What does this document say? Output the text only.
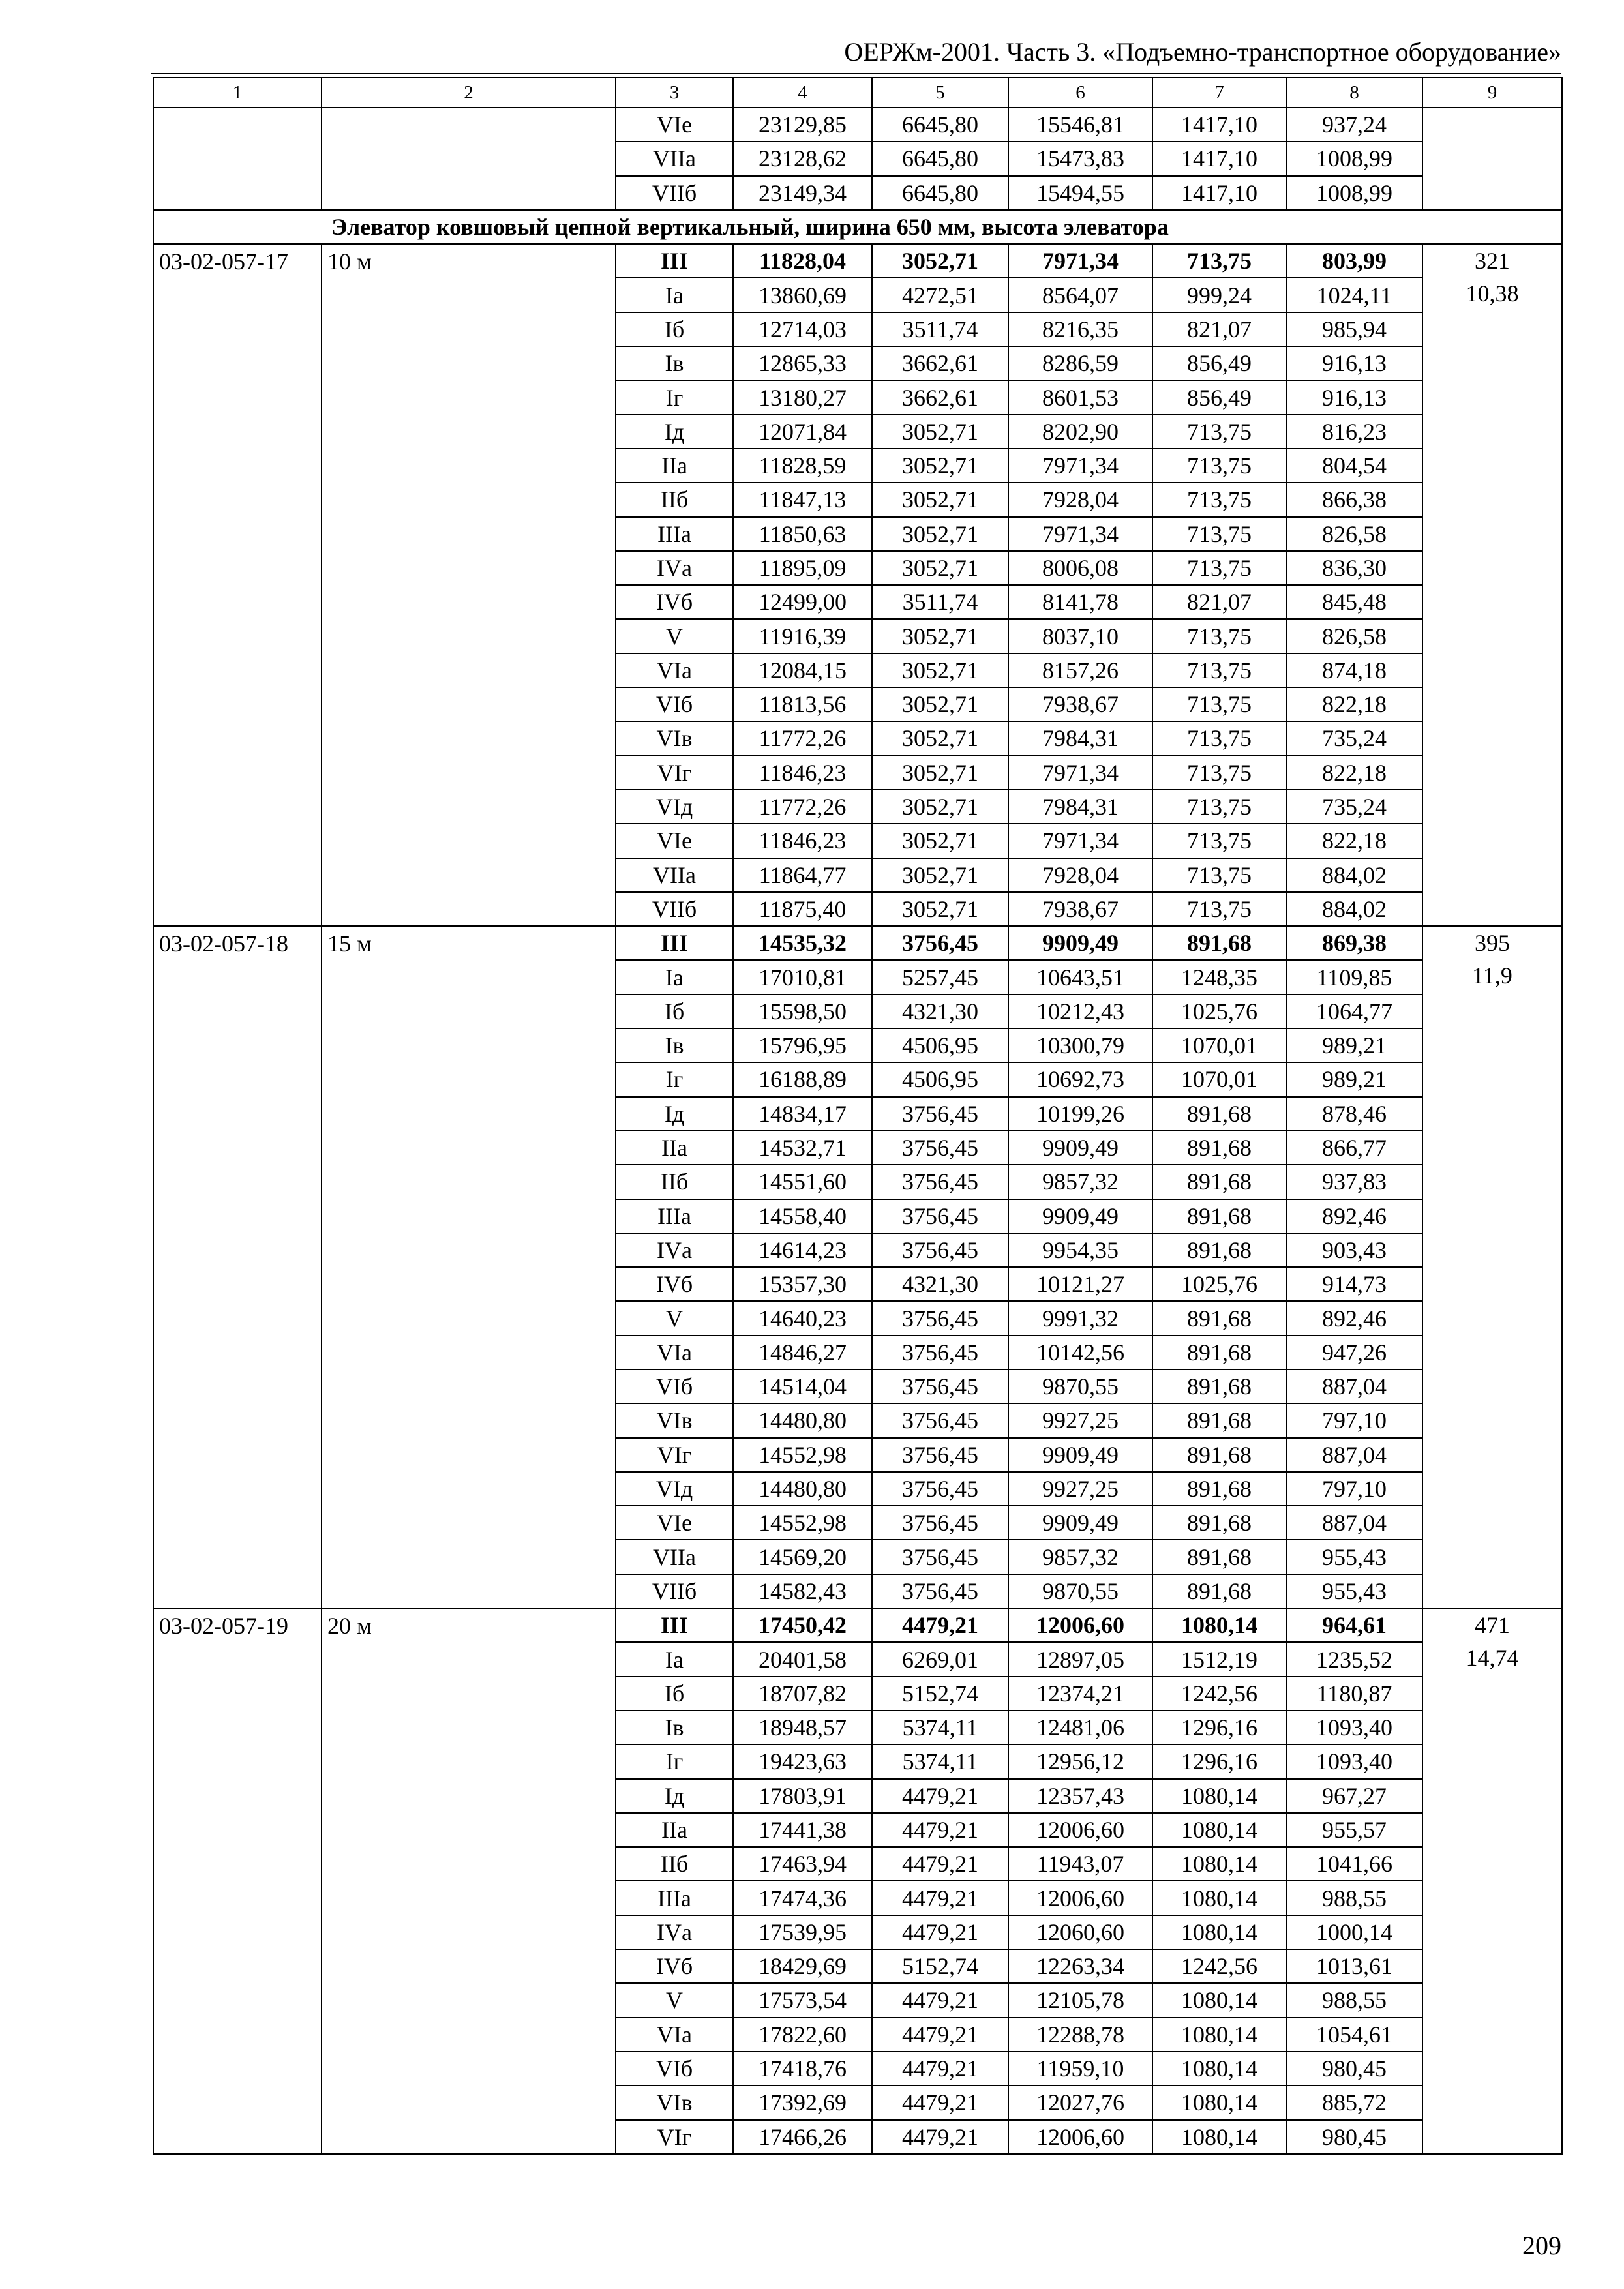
ОЕРЖм-2001. Часть 3. «Подъемно-транспортное оборудование»
1	2	3	4	5	6	7	8	9
		VIе	23129,85	6645,80	15546,81	1417,10	937,24	
		VIIа	23128,62	6645,80	15473,83	1417,10	1008,99	
		VIIб	23149,34	6645,80	15494,55	1417,10	1008,99	
Элеватор ковшовый цепной вертикальный, ширина 650 мм, высота элеватора								
03-02-057-17	10 м	III	11828,04	3052,71	7971,34	713,75	803,99	321
10,38

		Iа	13860,69	4272,51	8564,07	999,24	1024,11	
		Iб	12714,03	3511,74	8216,35	821,07	985,94	
		Iв	12865,33	3662,61	8286,59	856,49	916,13	
		Iг	13180,27	3662,61	8601,53	856,49	916,13	
		Iд	12071,84	3052,71	8202,90	713,75	816,23	
		IIа	11828,59	3052,71	7971,34	713,75	804,54	
		IIб	11847,13	3052,71	7928,04	713,75	866,38	
		IIIа	11850,63	3052,71	7971,34	713,75	826,58	
		IVа	11895,09	3052,71	8006,08	713,75	836,30	
		IVб	12499,00	3511,74	8141,78	821,07	845,48	
		V	11916,39	3052,71	8037,10	713,75	826,58	
		VIа	12084,15	3052,71	8157,26	713,75	874,18	
		VIб	11813,56	3052,71	7938,67	713,75	822,18	
		VIв	11772,26	3052,71	7984,31	713,75	735,24	
		VIг	11846,23	3052,71	7971,34	713,75	822,18	
		VIд	11772,26	3052,71	7984,31	713,75	735,24	
		VIе	11846,23	3052,71	7971,34	713,75	822,18	
		VIIа	11864,77	3052,71	7928,04	713,75	884,02	
		VIIб	11875,40	3052,71	7938,67	713,75	884,02	
03-02-057-18	15 м	III	14535,32	3756,45	9909,49	891,68	869,38	395
11,9

		Iа	17010,81	5257,45	10643,51	1248,35	1109,85	
		Iб	15598,50	4321,30	10212,43	1025,76	1064,77	
		Iв	15796,95	4506,95	10300,79	1070,01	989,21	
		Iг	16188,89	4506,95	10692,73	1070,01	989,21	
		Iд	14834,17	3756,45	10199,26	891,68	878,46	
		IIа	14532,71	3756,45	9909,49	891,68	866,77	
		IIб	14551,60	3756,45	9857,32	891,68	937,83	
		IIIа	14558,40	3756,45	9909,49	891,68	892,46	
		IVа	14614,23	3756,45	9954,35	891,68	903,43	
		IVб	15357,30	4321,30	10121,27	1025,76	914,73	
		V	14640,23	3756,45	9991,32	891,68	892,46	
		VIа	14846,27	3756,45	10142,56	891,68	947,26	
		VIб	14514,04	3756,45	9870,55	891,68	887,04	
		VIв	14480,80	3756,45	9927,25	891,68	797,10	
		VIг	14552,98	3756,45	9909,49	891,68	887,04	
		VIд	14480,80	3756,45	9927,25	891,68	797,10	
		VIе	14552,98	3756,45	9909,49	891,68	887,04	
		VIIа	14569,20	3756,45	9857,32	891,68	955,43	
		VIIб	14582,43	3756,45	9870,55	891,68	955,43	
03-02-057-19	20 м	III	17450,42	4479,21	12006,60	1080,14	964,61	471
14,74

		Iа	20401,58	6269,01	12897,05	1512,19	1235,52	
		Iб	18707,82	5152,74	12374,21	1242,56	1180,87	
		Iв	18948,57	5374,11	12481,06	1296,16	1093,40	
		Iг	19423,63	5374,11	12956,12	1296,16	1093,40	
		Iд	17803,91	4479,21	12357,43	1080,14	967,27	
		IIа	17441,38	4479,21	12006,60	1080,14	955,57	
		IIб	17463,94	4479,21	11943,07	1080,14	1041,66	
		IIIа	17474,36	4479,21	12006,60	1080,14	988,55	
		IVа	17539,95	4479,21	12060,60	1080,14	1000,14	
		IVб	18429,69	5152,74	12263,34	1242,56	1013,61	
		V	17573,54	4479,21	12105,78	1080,14	988,55	
		VIа	17822,60	4479,21	12288,78	1080,14	1054,61	
		VIб	17418,76	4479,21	11959,10	1080,14	980,45	
		VIв	17392,69	4479,21	12027,76	1080,14	885,72	
		VIг	17466,26	4479,21	12006,60	1080,14	980,45	
209
